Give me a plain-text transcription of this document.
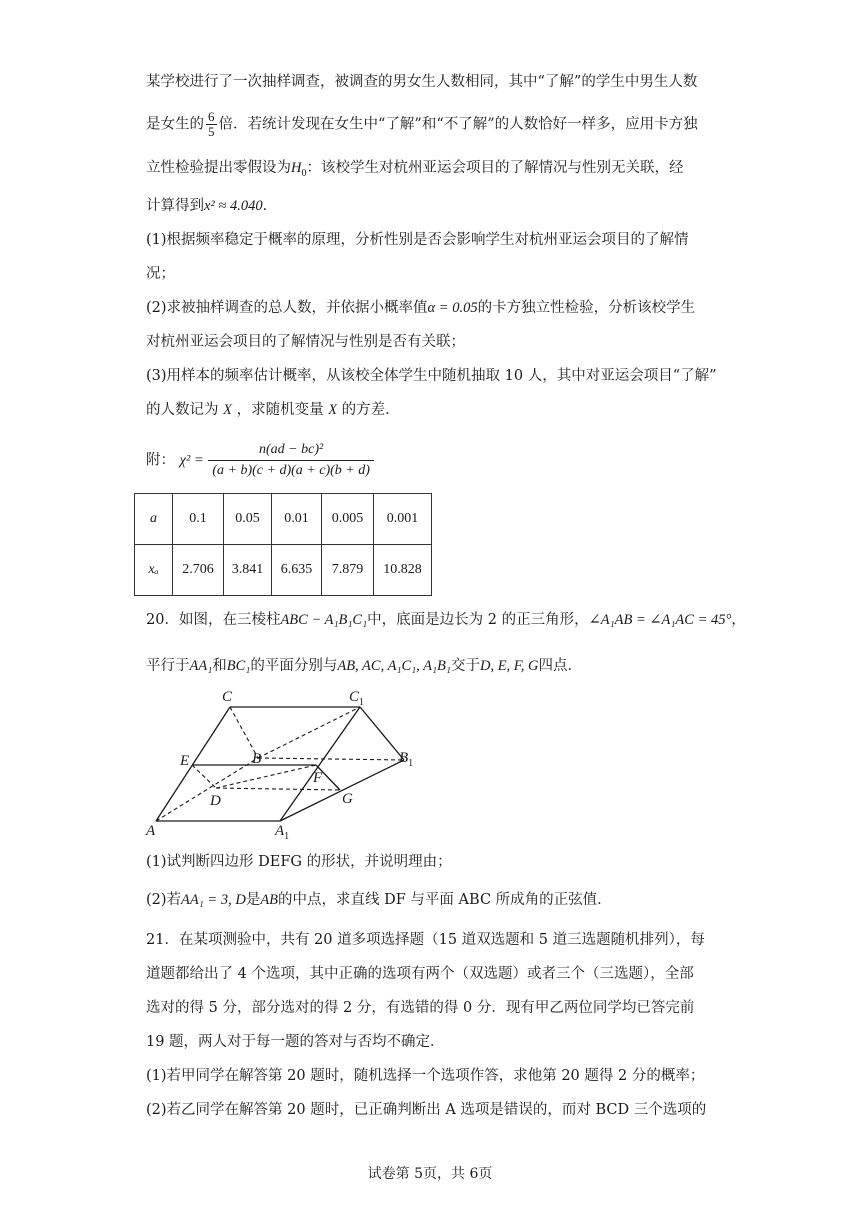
某学校进行了一次抽样调查，被调查的男女生人数相同，其中“了解”的学生中男生人数
是女生的 $\frac{6}{5}$ 倍．若统计发现在女生中“了解”和“不了解”的人数恰好一样多，应用卡方独
立性检验提出零假设为$H_0$：该校学生对杭州亚运会项目的了解情况与性别无关联，经
计算得到x² ≈ 4.040．
(1)根据频率稳定于概率的原理，分析性别是否会影响学生对杭州亚运会项目的了解情
况；
(2)求被抽样调查的总人数，并依据小概率值α = 0.05的卡方独立性检验，分析该校学生
对杭州亚运会项目的了解情况与性别是否有关联；
(3)用样本的频率估计概率，从该校全体学生中随机抽取 10 人，其中对亚运会项目“了解”
的人数记为 X ，求随机变量 X 的方差．
附： $\chi^2 = \frac{\text{n(ad − bc)²}}{(a + b)(c + d)(a + c)(b + d)}$
a	0.1	0.05	0.01	0.005	0.001
xₐ	2.706	3.841	6.635	7.879	10.828
20．如图，在三棱柱ABC − A₁B₁C₁中，底面是边长为 2 的正三角形，∠A₁AB = ∠A₁AC = 45°，
平行于AA₁和BC₁的平面分别与AB, AC, A₁C₁, A₁B₁交于D, E, F, G四点．
C	$C_1$
E	B
F
$B_1$
D	G
A	$A_1$
(1)试判断四边形 DEFG 的形状，并说明理由；
(2)若AA₁ = 3, D是AB的中点，求直线 DF 与平面 ABC 所成角的正弦值．
21．在某项测验中，共有 20 道多项选择题（15 道双选题和 5 道三选题随机排列），每
道题都给出了 4 个选项，其中正确的选项有两个（双选题）或者三个（三选题），全部
选对的得 5 分，部分选对的得 2 分，有选错的得 0 分．现有甲乙两位同学均已答完前
19 题，两人对于每一题的答对与否均不确定．
(1)若甲同学在解答第 20 题时，随机选择一个选项作答，求他第 20 题得 2 分的概率；
(2)若乙同学在解答第 20 题时，已正确判断出 A 选项是错误的，而对 BCD 三个选项的
试卷第 5页，共 6页
